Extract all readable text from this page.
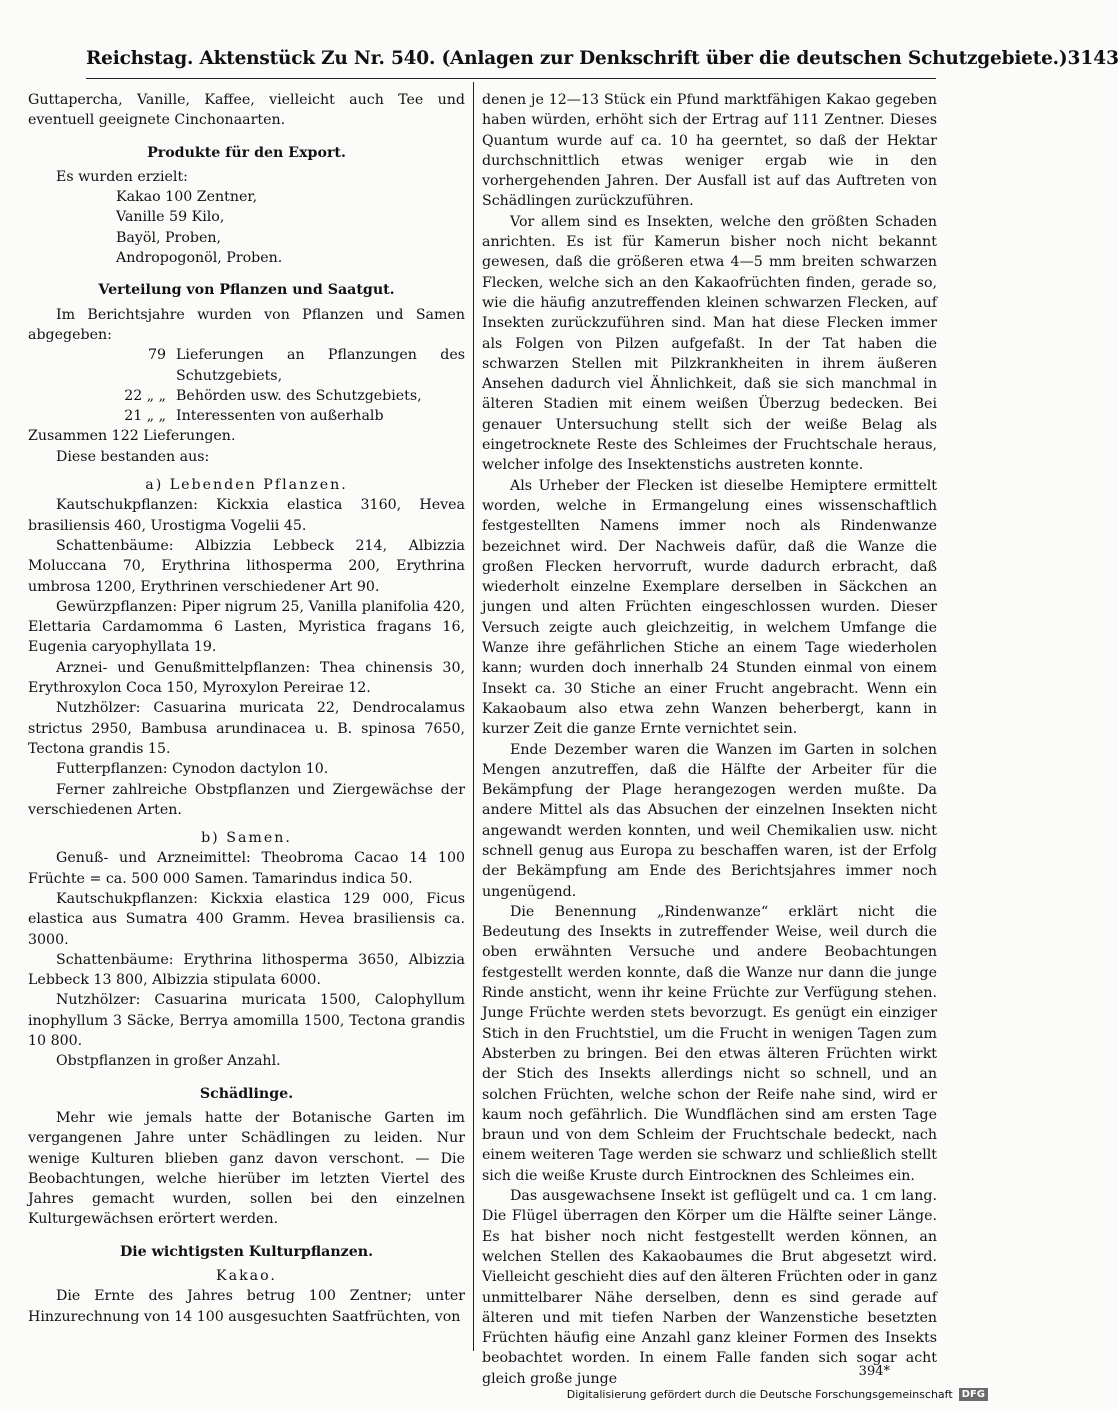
Reichstag. Aktenstück Zu Nr. 540. (Anlagen zur Denkschrift über die deutschen Schutzgebiete.) 3143

Guttapercha, Vanille, Kaffee, vielleicht auch Tee und eventuell geeignete Cinchonaarten.

Produkte für den Export.

Es wurden erzielt:

Kakao 100 Zentner,
Vanille 59 Kilo,
Bayöl, Proben,
Andropogonöl, Proben.
Verteilung von Pflanzen und Saatgut.

Im Berichtsjahre wurden von Pflanzen und Samen abgegeben:

79 Lieferungen an Pflanzungen des Schutzgebiets,
22 „ „ Behörden usw. des Schutzgebiets,
21 „ „ Interessenten von außerhalb

Zusammen 122 Lieferungen.

Diese bestanden aus:

a) Lebenden Pflanzen.

Kautschukpflanzen: Kickxia elastica 3160, Hevea brasiliensis 460, Urostigma Vogelii 45.

Schattenbäume: Albizzia Lebbeck 214, Albizzia Moluccana 70, Erythrina lithosperma 200, Erythrina umbrosa 1200, Erythrinen verschiedener Art 90.

Gewürzpflanzen: Piper nigrum 25, Vanilla planifolia 420, Elettaria Cardamomma 6 Lasten, Myristica fragans 16, Eugenia caryophyllata 19.

Arznei- und Genußmittelpflanzen: Thea chinensis 30, Erythroxylon Coca 150, Myroxylon Pereirae 12.

Nutzhölzer: Casuarina muricata 22, Dendrocalamus strictus 2950, Bambusa arundinacea u. B. spinosa 7650, Tectona grandis 15.

Futterpflanzen: Cynodon dactylon 10.

Ferner zahlreiche Obstpflanzen und Ziergewächse der verschiedenen Arten.

b) Samen.

Genuß- und Arzneimittel: Theobroma Cacao 14 100 Früchte = ca. 500 000 Samen. Tamarindus indica 50.

Kautschukpflanzen: Kickxia elastica 129 000, Ficus elastica aus Sumatra 400 Gramm. Hevea brasiliensis ca. 3000.

Schattenbäume: Erythrina lithosperma 3650, Albizzia Lebbeck 13 800, Albizzia stipulata 6000.

Nutzhölzer: Casuarina muricata 1500, Calophyllum inophyllum 3 Säcke, Berrya amomilla 1500, Tectona grandis 10 800.

Obstpflanzen in großer Anzahl.

Schädlinge.

Mehr wie jemals hatte der Botanische Garten im vergangenen Jahre unter Schädlingen zu leiden. Nur wenige Kulturen blieben ganz davon verschont. — Die Beobachtungen, welche hierüber im letzten Viertel des Jahres gemacht wurden, sollen bei den einzelnen Kulturgewächsen erörtert werden.

Die wichtigsten Kulturpflanzen.
Kakao.

Die Ernte des Jahres betrug 100 Zentner; unter Hinzurechnung von 14 100 ausgesuchten Saatfrüchten, von

denen je 12—13 Stück ein Pfund marktfähigen Kakao gegeben haben würden, erhöht sich der Ertrag auf 111 Zentner. Dieses Quantum wurde auf ca. 10 ha geerntet, so daß der Hektar durchschnittlich etwas weniger ergab wie in den vorhergehenden Jahren. Der Ausfall ist auf das Auftreten von Schädlingen zurückzuführen.

Vor allem sind es Insekten, welche den größten Schaden anrichten. Es ist für Kamerun bisher noch nicht bekannt gewesen, daß die größeren etwa 4—5 mm breiten schwarzen Flecken, welche sich an den Kakaofrüchten finden, gerade so, wie die häufig anzutreffenden kleinen schwarzen Flecken, auf Insekten zurückzuführen sind. Man hat diese Flecken immer als Folgen von Pilzen aufgefaßt. In der Tat haben die schwarzen Stellen mit Pilzkrankheiten in ihrem äußeren Ansehen dadurch viel Ähnlichkeit, daß sie sich manchmal in älteren Stadien mit einem weißen Überzug bedecken. Bei genauer Untersuchung stellt sich der weiße Belag als eingetrocknete Reste des Schleimes der Fruchtschale heraus, welcher infolge des Insektenstichs austreten konnte.

Als Urheber der Flecken ist dieselbe Hemiptere ermittelt worden, welche in Ermangelung eines wissenschaftlich festgestellten Namens immer noch als Rindenwanze bezeichnet wird. Der Nachweis dafür, daß die Wanze die großen Flecken hervorruft, wurde dadurch erbracht, daß wiederholt einzelne Exemplare derselben in Säckchen an jungen und alten Früchten eingeschlossen wurden. Dieser Versuch zeigte auch gleichzeitig, in welchem Umfange die Wanze ihre gefährlichen Stiche an einem Tage wiederholen kann; wurden doch innerhalb 24 Stunden einmal von einem Insekt ca. 30 Stiche an einer Frucht angebracht. Wenn ein Kakaobaum also etwa zehn Wanzen beherbergt, kann in kurzer Zeit die ganze Ernte vernichtet sein.

Ende Dezember waren die Wanzen im Garten in solchen Mengen anzutreffen, daß die Hälfte der Arbeiter für die Bekämpfung der Plage herangezogen werden mußte. Da andere Mittel als das Absuchen der einzelnen Insekten nicht angewandt werden konnten, und weil Chemikalien usw. nicht schnell genug aus Europa zu beschaffen waren, ist der Erfolg der Bekämpfung am Ende des Berichtsjahres immer noch ungenügend.

Die Benennung „Rindenwanze“ erklärt nicht die Bedeutung des Insekts in zutreffender Weise, weil durch die oben erwähnten Versuche und andere Beobachtungen festgestellt werden konnte, daß die Wanze nur dann die junge Rinde ansticht, wenn ihr keine Früchte zur Verfügung stehen. Junge Früchte werden stets bevorzugt. Es genügt ein einziger Stich in den Fruchtstiel, um die Frucht in wenigen Tagen zum Absterben zu bringen. Bei den etwas älteren Früchten wirkt der Stich des Insekts allerdings nicht so schnell, und an solchen Früchten, welche schon der Reife nahe sind, wird er kaum noch gefährlich. Die Wundflächen sind am ersten Tage braun und von dem Schleim der Fruchtschale bedeckt, nach einem weiteren Tage werden sie schwarz und schließlich stellt sich die weiße Kruste durch Eintrocknen des Schleimes ein.

Das ausgewachsene Insekt ist geflügelt und ca. 1 cm lang. Die Flügel überragen den Körper um die Hälfte seiner Länge. Es hat bisher noch nicht festgestellt werden können, an welchen Stellen des Kakaobaumes die Brut abgesetzt wird. Vielleicht geschieht dies auf den älteren Früchten oder in ganz unmittelbarer Nähe derselben, denn es sind gerade auf älteren und mit tiefen Narben der Wanzenstiche besetzten Früchten häufig eine Anzahl ganz kleiner Formen des Insekts beobachtet worden. In einem Falle fanden sich sogar acht gleich große junge	394*
Digitalisierung gefördert durch die Deutsche Forschungsgemeinschaft DFG
